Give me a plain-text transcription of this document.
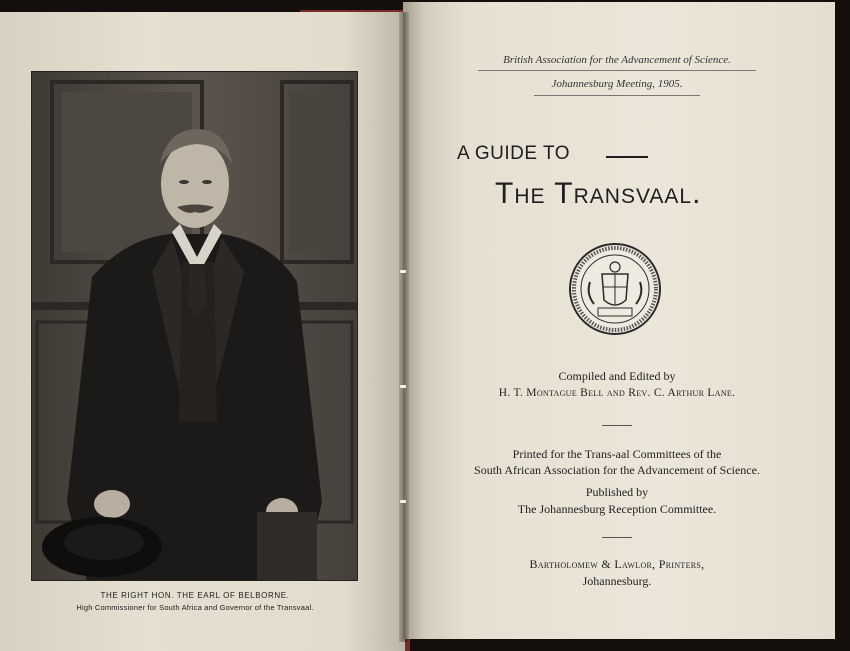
THE RIGHT HON. THE EARL OF BELBORNE.
High Commissioner for South Africa and Governor of the Transvaal.
British Association for the Advancement of Science.
Johannesburg Meeting, 1905.
A GUIDE TO
The Transvaal.
Compiled and Edited by
H. T. Montague Bell and Rev. C. Arthur Lane.
Printed for the Trans-aal Committees of the
South African Association for the Advancement of Science.
Published by
The Johannesburg Reception Committee.
Bartholomew & Lawlor, Printers,
Johannesburg.
